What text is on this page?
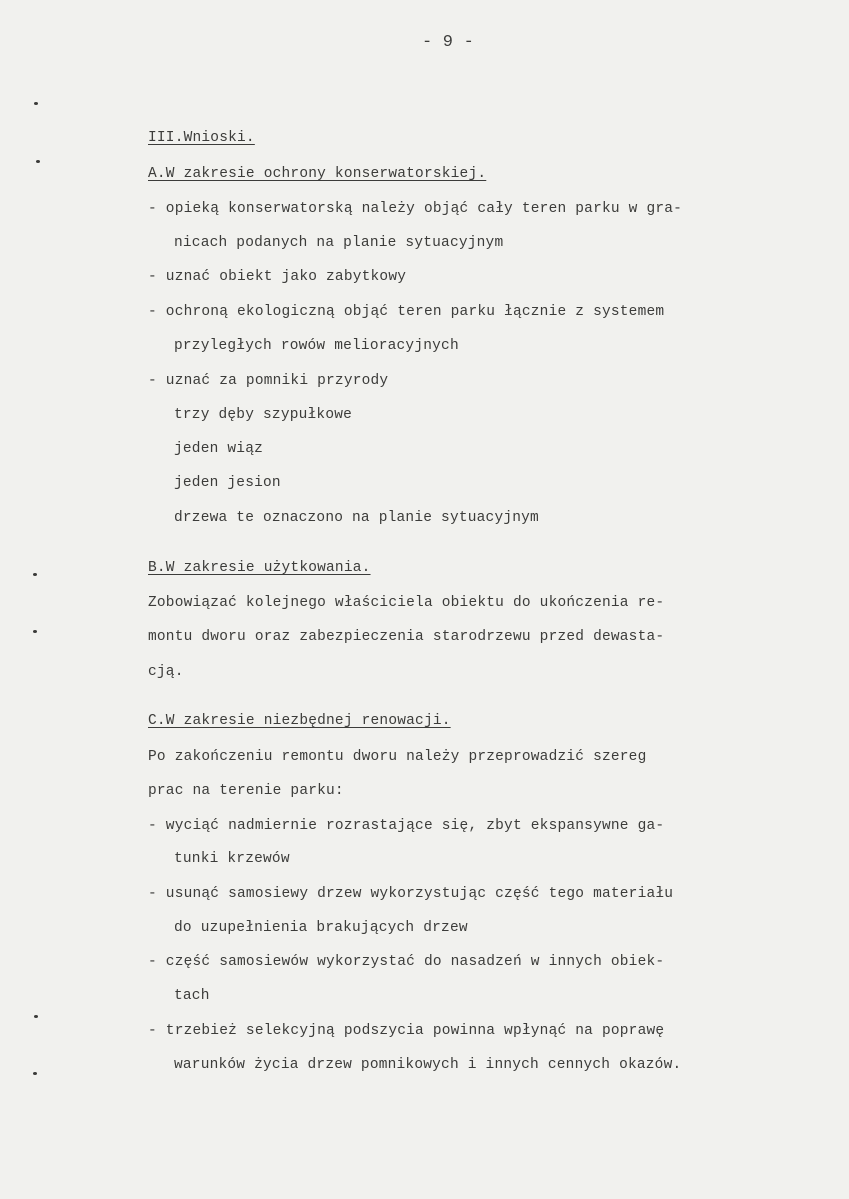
- 9 -
III.Wnioski.
A.W zakresie ochrony konserwatorskiej.
- opieką konserwatorską należy objąć cały teren parku w gra-
nicach podanych na planie sytuacyjnym
- uznać obiekt jako zabytkowy
- ochroną ekologiczną objąć teren parku łącznie z systemem
przyległych rowów melioracyjnych
- uznać za pomniki przyrody
trzy dęby szypułkowe
jeden wiąz
jeden jesion
drzewa te oznaczono na planie sytuacyjnym
B.W zakresie użytkowania.
Zobowiązać kolejnego właściciela obiektu do ukończenia re-
montu dworu oraz zabezpieczenia starodrzewu przed dewasta-
cją.
C.W zakresie niezbędnej renowacji.
Po zakończeniu remontu dworu należy przeprowadzić szereg
prac na terenie parku:
- wyciąć nadmiernie rozrastające się, zbyt ekspansywne ga-
tunki krzewów
- usunąć samosiewy drzew wykorzystując część tego materiału
do uzupełnienia brakujących drzew
- część samosiewów wykorzystać do nasadzeń w innych obiek-
tach
- trzebież selekcyjną podszycia powinna wpłynąć na poprawę
warunków życia drzew pomnikowych i innych cennych okazów.
